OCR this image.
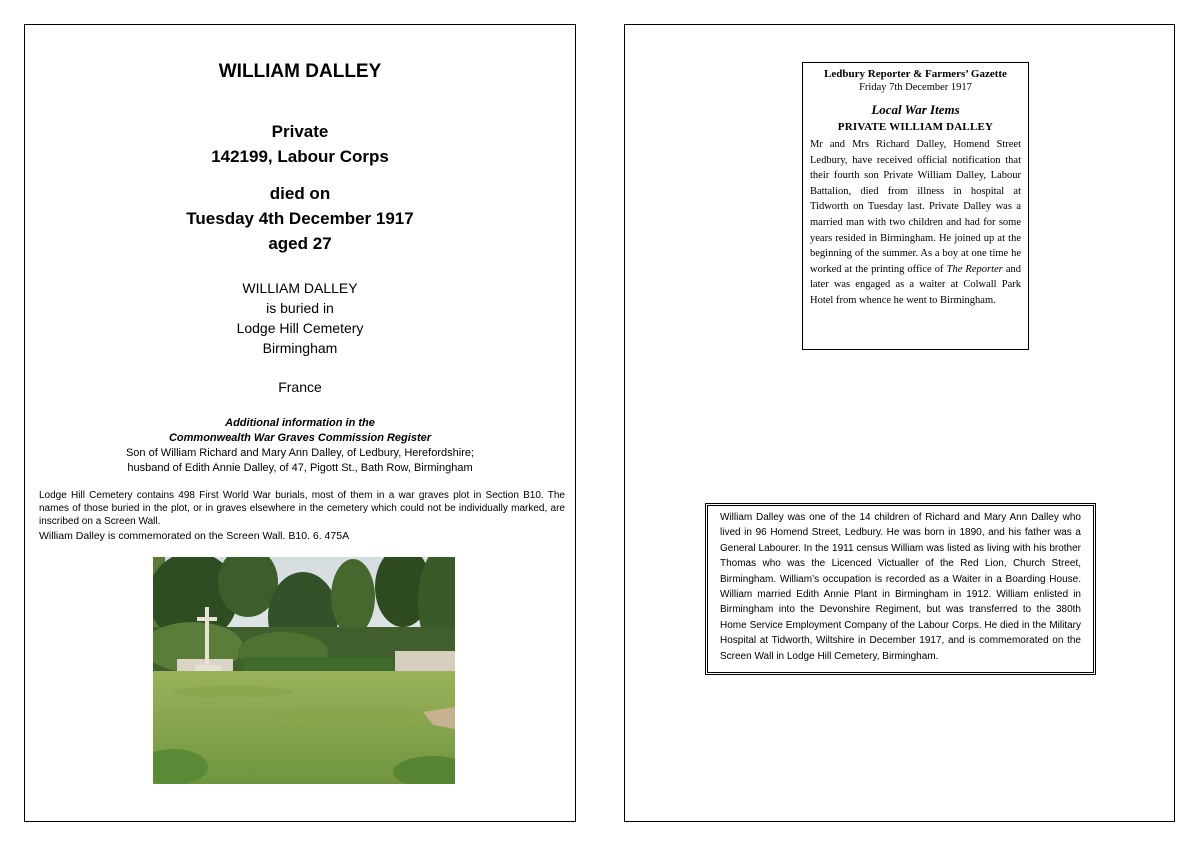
WILLIAM DALLEY
Private
142199, Labour Corps
died on
Tuesday 4th December 1917
aged 27
WILLIAM DALLEY
is buried in
Lodge Hill Cemetery
Birmingham
France
Additional information in the
Commonwealth War Graves Commission Register
Son of William Richard and Mary Ann Dalley, of Ledbury, Herefordshire;
husband of Edith Annie Dalley, of 47, Pigott St., Bath Row, Birmingham

Lodge Hill Cemetery contains 498 First World War burials, most of them in a war graves plot in Section B10. The names of those buried in the plot, or in graves elsewhere in the cemetery which could not be individually marked, are inscribed on a Screen Wall.

William Dalley is commemorated on the Screen Wall. B10. 6. 475A

Ledbury Reporter & Farmers’ Gazette
Friday 7th December 1917
Local War Items
PRIVATE WILLIAM DALLEY
Mr and Mrs Richard Dalley, Homend Street Ledbury, have received official notification that their fourth son Private William Dalley, Labour Battalion, died from illness in hospital at Tidworth on Tuesday last. Private Dalley was a married man with two children and had for some years resided in Birmingham. He joined up at the beginning of the summer. As a boy at one time he worked at the printing office of The Reporter and later was engaged as a waiter at Colwall Park Hotel from whence he went to Birmingham.
William Dalley was one of the 14 children of Richard and Mary Ann Dalley who lived in 96 Homend Street, Ledbury. He was born in 1890, and his father was a General Labourer. In the 1911 census William was listed as living with his brother Thomas who was the Licenced Victualler of the Red Lion, Church Street, Birmingham. William’s occupation is recorded as a Waiter in a Boarding House. William married Edith Annie Plant in Birmingham in 1912. William enlisted in Birmingham into the Devonshire Regiment, but was transferred to the 380th Home Service Employment Company of the Labour Corps. He died in the Military Hospital at Tidworth, Wiltshire in December 1917, and is commemorated on the Screen Wall in Lodge Hill Cemetery, Birmingham.
